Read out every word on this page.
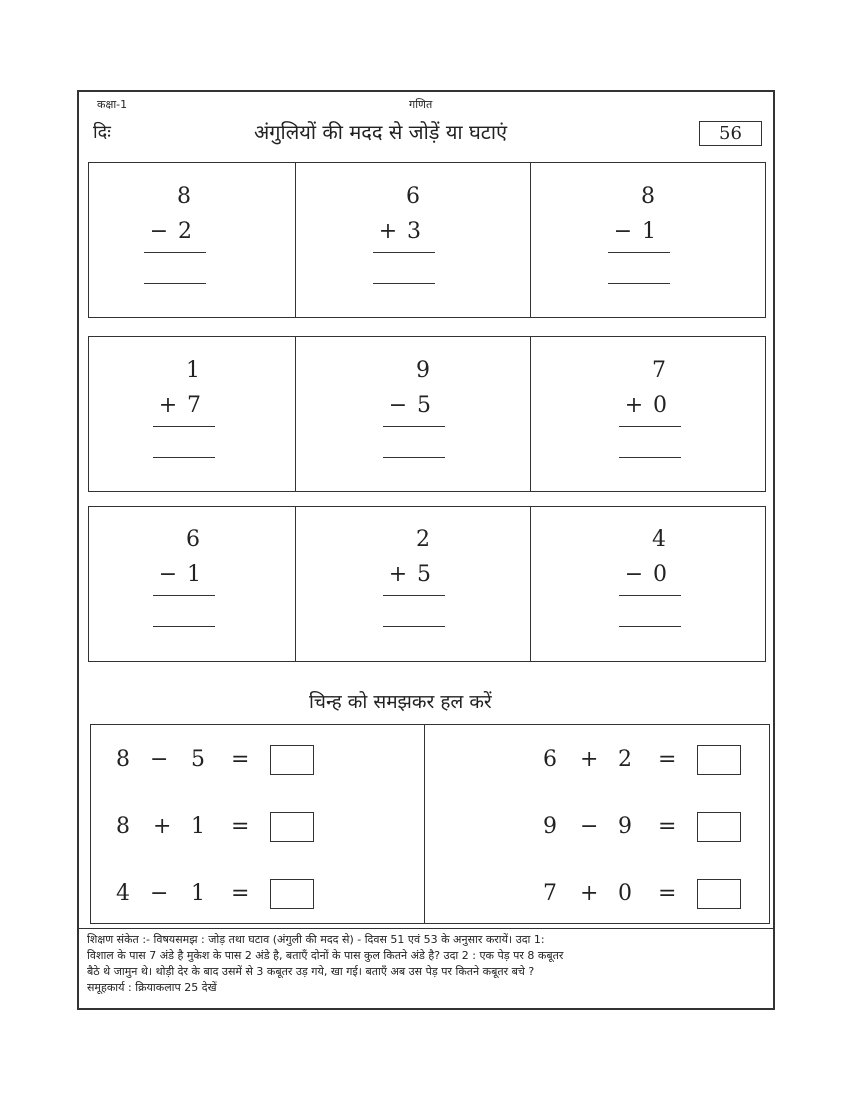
कक्षा-1	गणित
दिः	अंगुलियों की मदद से जोड़ें या घटाएं	56
8
− 2
6
+ 3
8
− 1
1
+ 7
9
− 5
7
+ 0
6
− 1
2
+ 5
4
− 0
चिन्ह को समझकर हल करें
8 − 5 =
8 + 1 =
4 − 1 =
6 + 2 =
9 − 9 =
7 + 0 =
शिक्षण संकेत :- विषयसमझ : जोड़ तथा घटाव (अंगुली की मदद से) - दिवस 51 एवं 53 के अनुसार करायें। उदा 1:
विशाल के पास 7 अंडे है मुकेश के पास 2 अंडे है, बताएँ दोनों के पास कुल कितने अंडे है? उदा 2 : एक पेड़ पर 8 कबूतर
बैठे थे जामुन थे। थोड़ी देर के बाद उसमें से 3 कबूतर उड़ गये, खा गई। बताएँ अब उस पेड़ पर कितने कबूतर बचे ?
समूहकार्य : क्रियाकलाप 25 देखें
